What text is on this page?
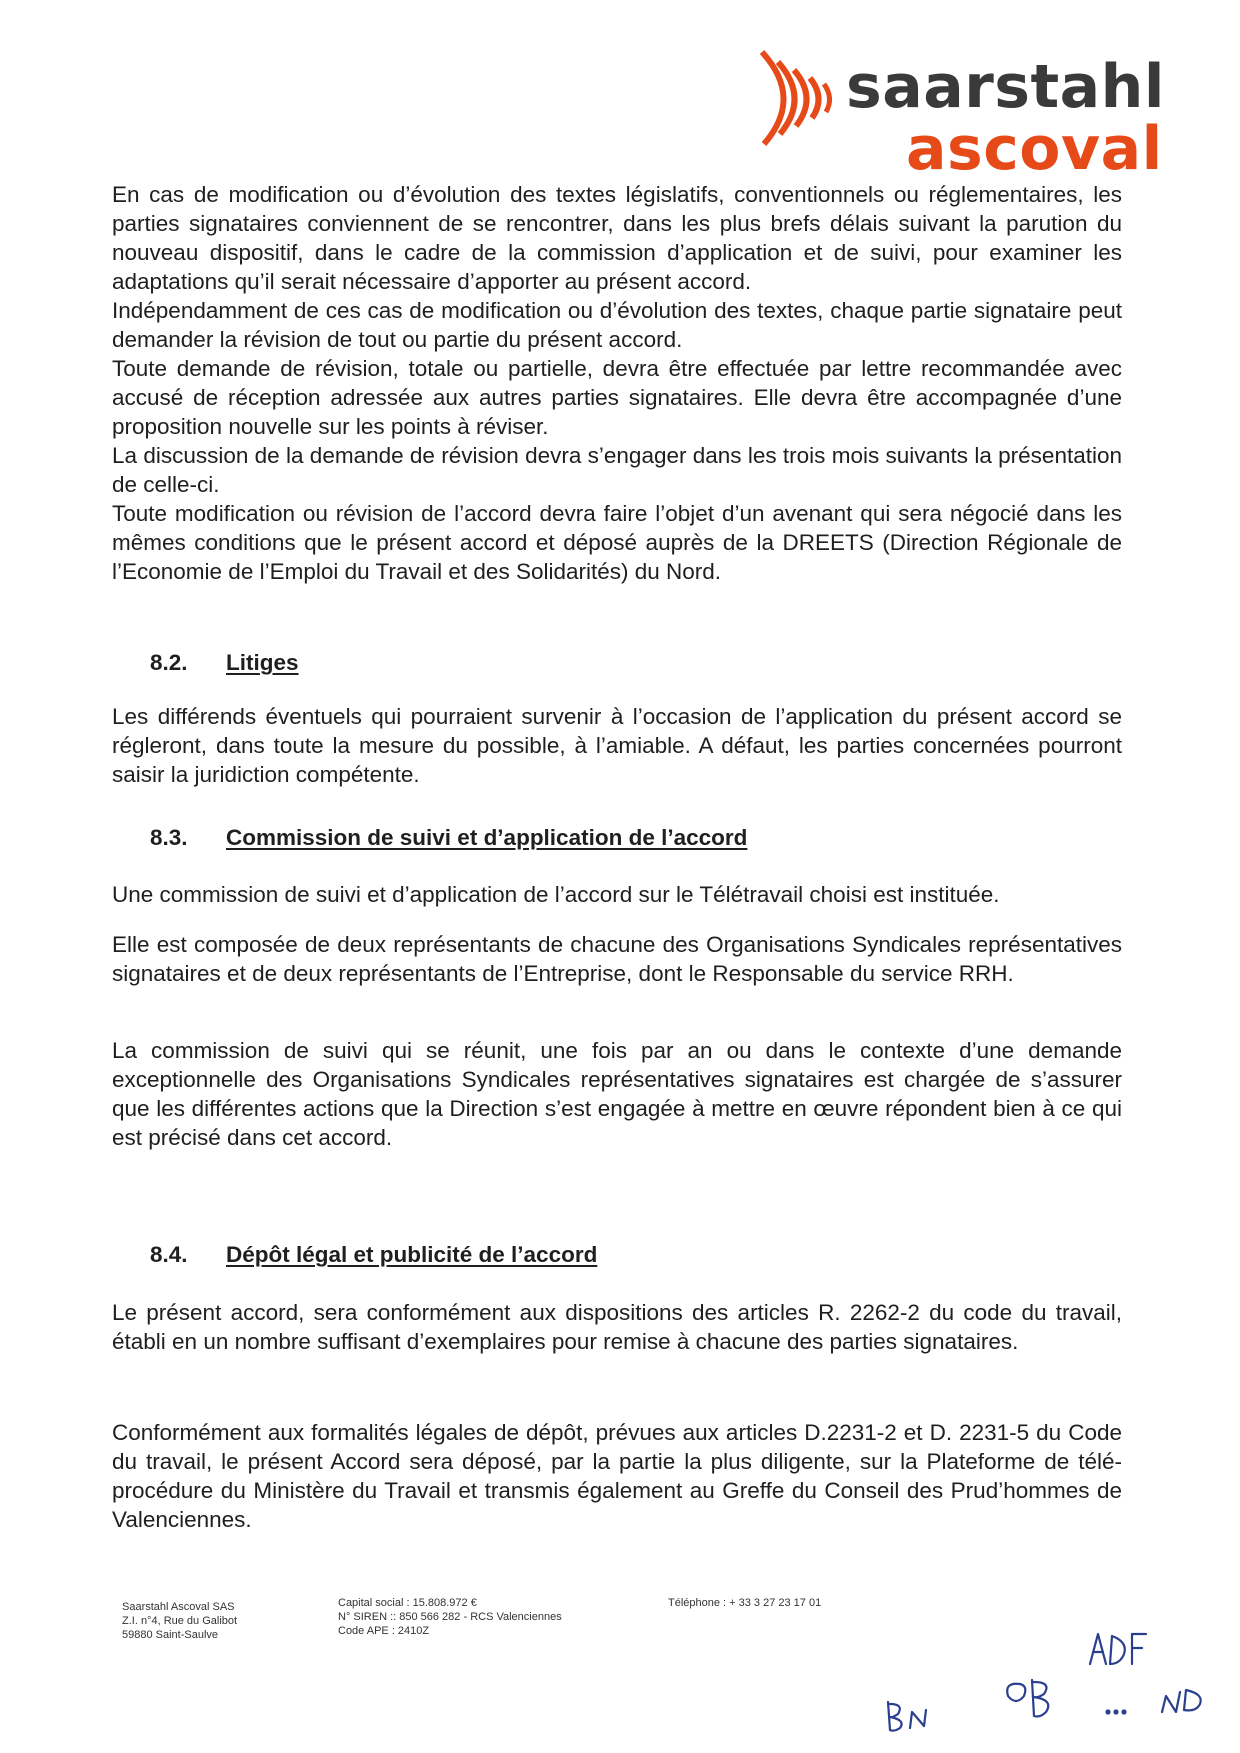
saarstahl
ascoval

En cas de modification ou d’évolution des textes législatifs, conventionnels ou réglementaires, les parties signataires conviennent de se rencontrer, dans les plus brefs délais suivant la parution du nouveau dispositif, dans le cadre de la commission d’application et de suivi, pour examiner les adaptations qu’il serait nécessaire d’apporter au présent accord.

Indépendamment de ces cas de modification ou d’évolution des textes, chaque partie signataire peut demander la révision de tout ou partie du présent accord.

Toute demande de révision, totale ou partielle, devra être effectuée par lettre recommandée avec accusé de réception adressée aux autres parties signataires. Elle devra être accompagnée d’une proposition nouvelle sur les points à réviser.

La discussion de la demande de révision devra s’engager dans les trois mois suivants la présentation de celle-ci.

Toute modification ou révision de l’accord devra faire l’objet d’un avenant qui sera négocié dans les mêmes conditions que le présent accord et déposé auprès de la DREETS (Direction Régionale de l’Economie de l’Emploi du Travail et des Solidarités) du Nord.

8.2. Litiges

Les différends éventuels qui pourraient survenir à l’occasion de l’application du présent accord se régleront, dans toute la mesure du possible, à l’amiable. A défaut, les parties concernées pourront saisir la juridiction compétente.

8.3. Commission de suivi et d’application de l’accord

Une commission de suivi et d’application de l’accord sur le Télétravail choisi est instituée.

Elle est composée de deux représentants de chacune des Organisations Syndicales représentatives signataires et de deux représentants de l’Entreprise, dont le Responsable du service RRH.

La commission de suivi qui se réunit, une fois par an ou dans le contexte d’une demande exceptionnelle des Organisations Syndicales représentatives signataires est chargée de s’assurer que les différentes actions que la Direction s’est engagée à mettre en œuvre répondent bien à ce qui est précisé dans cet accord.

8.4. Dépôt légal et publicité de l’accord

Le présent accord, sera conformément aux dispositions des articles R. 2262-2 du code du travail, établi en un nombre suffisant d’exemplaires pour remise à chacune des parties signataires.

Conformément aux formalités légales de dépôt, prévues aux articles D.2231-2 et D. 2231-5 du Code du travail, le présent Accord sera déposé, par la partie la plus diligente, sur la Plateforme de télé-procédure du Ministère du Travail et transmis également au Greffe du Conseil des Prud’hommes de Valenciennes.

Saarstahl Ascoval SAS
Z.I. n°4, Rue du Galibot
59880 Saint-Saulve
Capital social : 15.808.972 €
N° SIREN :: 850 566 282 - RCS Valenciennes
Code APE : 2410Z
Téléphone : + 33 3 27 23 17 01
